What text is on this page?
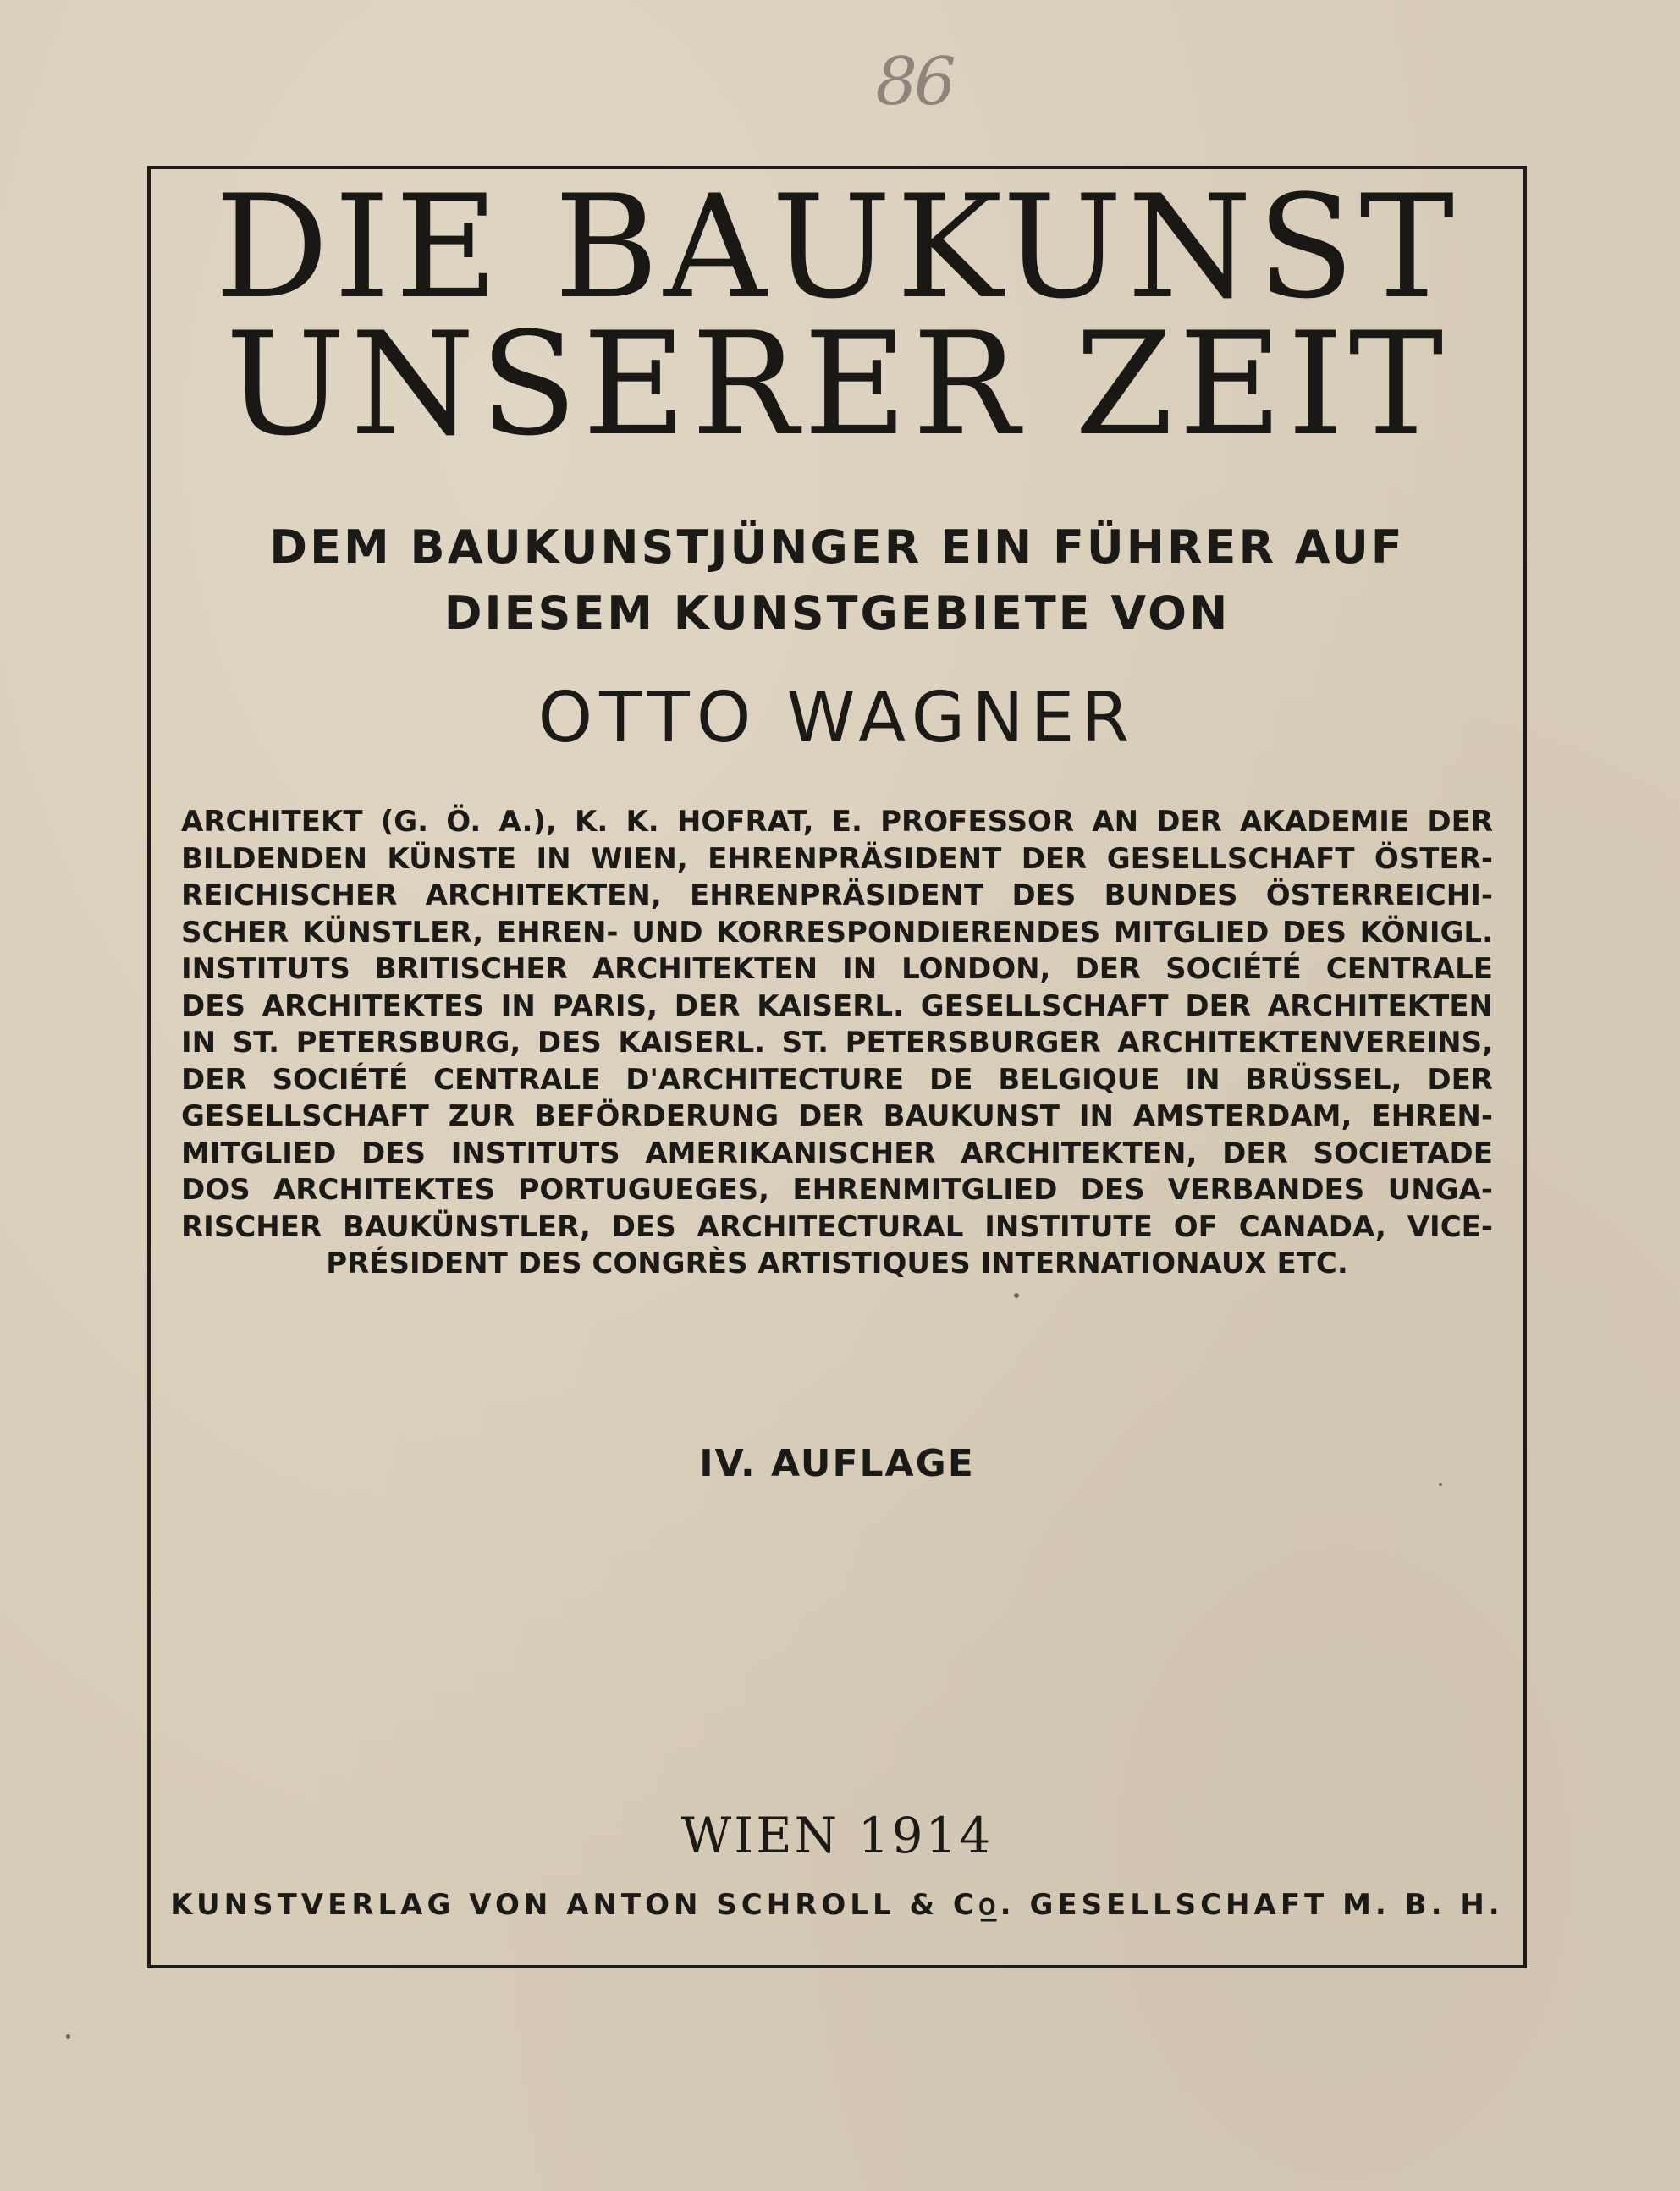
86
DIE BAUKUNST
UNSERER ZEIT
DEM BAUKUNSTJÜNGER EIN FÜHRER AUF
DIESEM KUNSTGEBIETE VON
OTTO WAGNER
ARCHITEKT (G. Ö. A.), K. K. HOFRAT, E. PROFESSOR AN DER AKADEMIE DER
BILDENDEN KÜNSTE IN WIEN, EHRENPRÄSIDENT DER GESELLSCHAFT ÖSTER-
REICHISCHER ARCHITEKTEN, EHRENPRÄSIDENT DES BUNDES ÖSTERREICHI-
SCHER KÜNSTLER, EHREN- UND KORRESPONDIERENDES MITGLIED DES KÖNIGL.
INSTITUTS BRITISCHER ARCHITEKTEN IN LONDON, DER SOCIÉTÉ CENTRALE
DES ARCHITEKTES IN PARIS, DER KAISERL. GESELLSCHAFT DER ARCHITEKTEN
IN ST. PETERSBURG, DES KAISERL. ST. PETERSBURGER ARCHITEKTENVEREINS,
DER SOCIÉTÉ CENTRALE D'ARCHITECTURE DE BELGIQUE IN BRÜSSEL, DER
GESELLSCHAFT ZUR BEFÖRDERUNG DER BAUKUNST IN AMSTERDAM, EHREN-
MITGLIED DES INSTITUTS AMERIKANISCHER ARCHITEKTEN, DER SOCIETADE
DOS ARCHITEKTES PORTUGUEGES, EHRENMITGLIED DES VERBANDES UNGA-
RISCHER BAUKÜNSTLER, DES ARCHITECTURAL INSTITUTE OF CANADA, VICE-
PRÉSIDENT DES CONGRÈS ARTISTIQUES INTERNATIONAUX ETC.
IV. AUFLAGE
WIEN 1914
KUNSTVERLAG VON ANTON SCHROLL & C𝗈̲. GESELLSCHAFT M. B. H.
